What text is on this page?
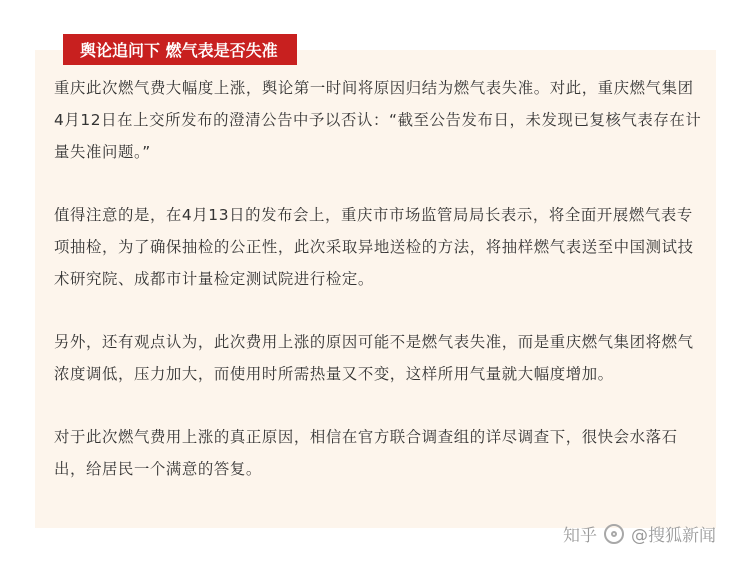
舆论追问下 燃气表是否失准

重庆此次燃气费大幅度上涨，舆论第一时间将原因归结为燃气表失准。对此，重庆燃气集团4月12日在上交所发布的澄清公告中予以否认：“截至公告发布日，未发现已复核气表存在计量失准问题。”

值得注意的是，在4月13日的发布会上，重庆市市场监管局局长表示，将全面开展燃气表专项抽检，为了确保抽检的公正性，此次采取异地送检的方法，将抽样燃气表送至中国测试技术研究院、成都市计量检定测试院进行检定。

另外，还有观点认为，此次费用上涨的原因可能不是燃气表失准，而是重庆燃气集团将燃气浓度调低，压力加大，而使用时所需热量又不变，这样所用气量就大幅度增加。

对于此次燃气费用上涨的真正原因，相信在官方联合调查组的详尽调查下，很快会水落石出，给居民一个满意的答复。

知乎 @搜狐新闻
